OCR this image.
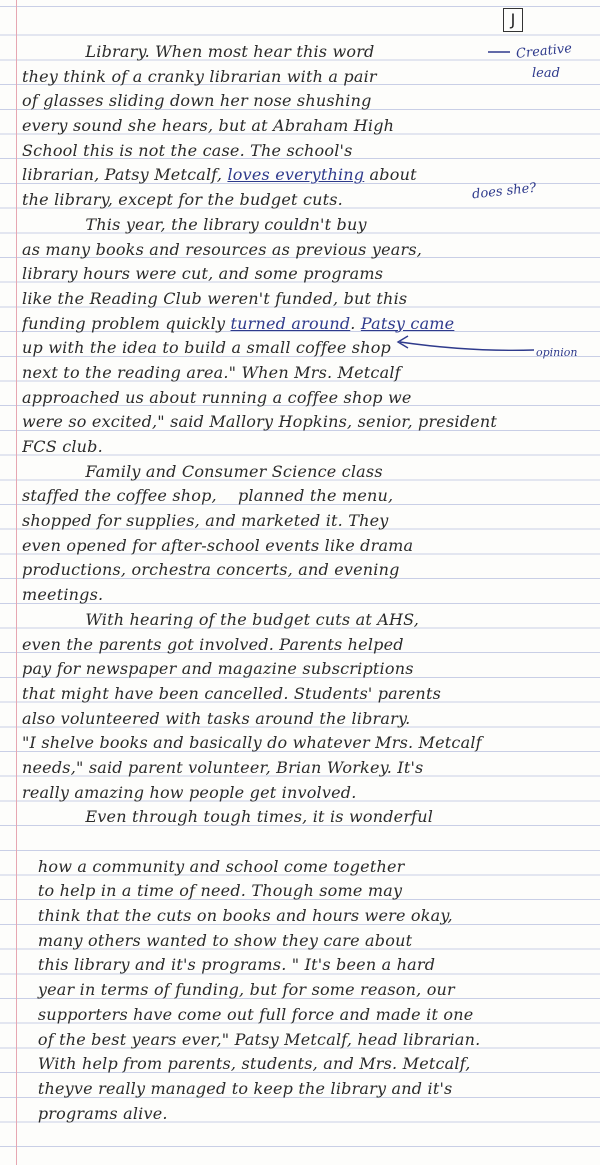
J
Creative
lead
does she?
opinion
Library. When most hear this word
they think of a cranky librarian with a pair
of glasses sliding down her nose shushing
every sound she hears, but at Abraham High
School this is not the case. The school's
librarian, Patsy Metcalf, loves everything about
the library, except for the budget cuts.
This year, the library couldn't buy
as many books and resources as previous years,
library hours were cut, and some programs
like the Reading Club weren't funded, but this
funding problem quickly turned around. Patsy came
up with the idea to build a small coffee shop
next to the reading area." When Mrs. Metcalf
approached us about running a coffee shop we
were so excited," said Mallory Hopkins, senior, president
FCS club.
Family and Consumer Science class
staffed the coffee shop,    planned the menu,
shopped for supplies, and marketed it. They
even opened for after-school events like drama
productions, orchestra concerts, and evening
meetings.
With hearing of the budget cuts at AHS,
even the parents got involved. Parents helped
pay for newspaper and magazine subscriptions
that might have been cancelled. Students' parents
also volunteered with tasks around the library.
"I shelve books and basically do whatever Mrs. Metcalf
needs," said parent volunteer, Brian Workey. It's
really amazing how people get involved.
Even through tough times, it is wonderful
how a community and school come together
to help in a time of need. Though some may
think that the cuts on books and hours were okay,
many others wanted to show they care about
this library and it's programs. " It's been a hard
year in terms of funding, but for some reason, our
supporters have come out full force and made it one
of the best years ever," Patsy Metcalf, head librarian.
With help from parents, students, and Mrs. Metcalf,
theyve really managed to keep the library and it's
programs alive.
